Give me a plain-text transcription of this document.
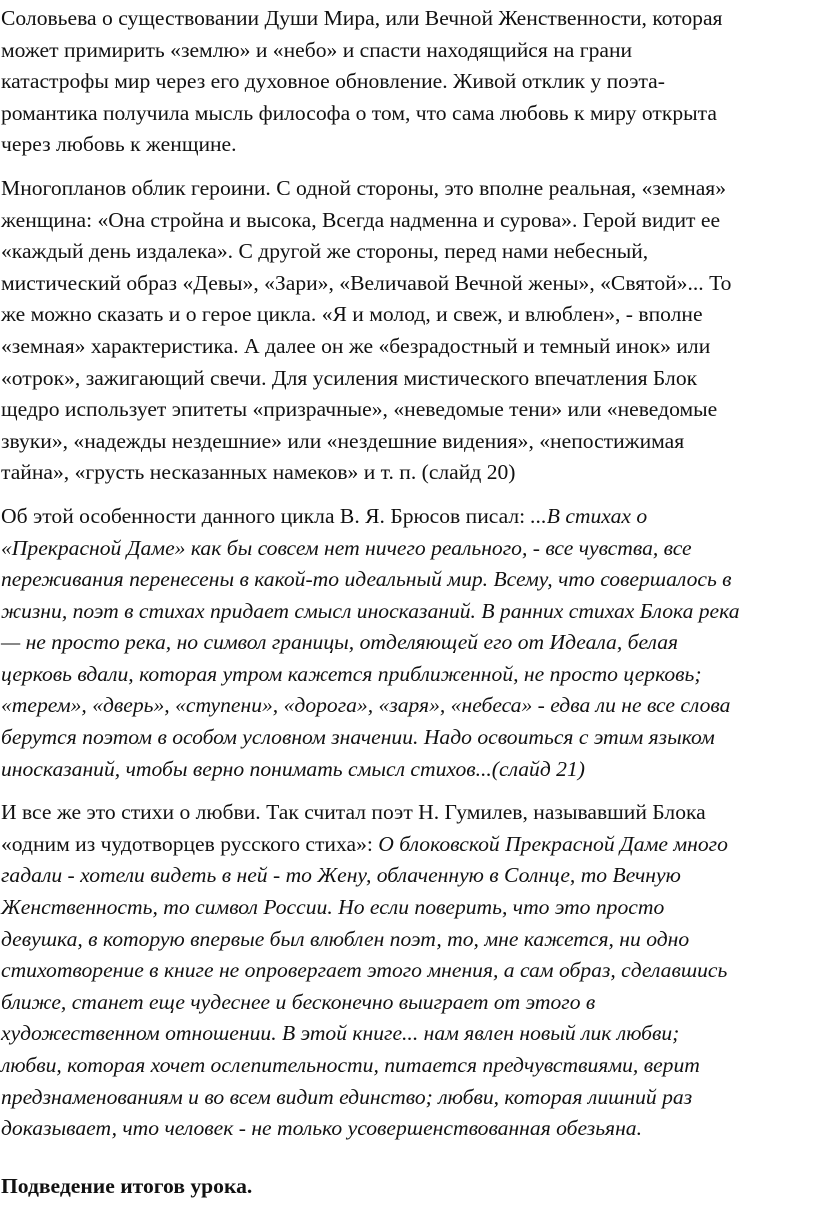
Соловьева о существовании Души Мира, или Вечной Женственности, которая
может примирить «землю» и «небо» и спасти находящийся на грани
катастрофы мир через его духовное обновление. Живой отклик у поэта-
романтика получила мысль философа о том, что сама любовь к миру открыта
через любовь к женщине.
Многопланов облик героини. С одной стороны, это вполне реальная, «земная»
женщина: «Она стройна и высока, Всегда надменна и сурова». Герой видит ее
«каждый день издалека». С другой же стороны, перед нами небесный,
мистический образ «Девы», «Зари», «Величавой Вечной жены», «Святой»... То
же можно сказать и о герое цикла. «Я и молод, и свеж, и влюблен», - вполне
«земная» характеристика. А далее он же «безрадостный и темный инок» или
«отрок», зажигающий свечи. Для усиления мистического впечатления Блок
щедро использует эпитеты «призрачные», «неведомые тени» или «неведомые
звуки», «надежды нездешние» или «нездешние видения», «непостижимая
тайна», «грусть несказанных намеков» и т. п. (слайд 20)
Об этой особенности данного цикла В. Я. Брюсов писал: ...В стихах о
«Прекрасной Даме» как бы совсем нет ничего реального, - все чувства, все
переживания перенесены в какой-то идеальный мир. Всему, что совершалось в
жизни, поэт в стихах придает смысл иносказаний. В ранних стихах Блока река
— не просто река, но символ границы, отделяющей его от Идеала, белая
церковь вдали, которая утром кажется приближенной, не просто церковь;
«терем», «дверь», «ступени», «дорога», «заря», «небеса» - едва ли не все слова
берутся поэтом в особом условном значении. Надо освоиться с этим языком
иносказаний, чтобы верно понимать смысл стихов...(слайд 21)
И все же это стихи о любви. Так считал поэт Н. Гумилев, называвший Блока
«одним из чудотворцев русского стиха»: О блоковской Прекрасной Даме много
гадали - хотели видеть в ней - то Жену, облаченную в Солнце, то Вечную
Женственность, то символ России. Но если поверить, что это просто
девушка, в которую впервые был влюблен поэт, то, мне кажется, ни одно
стихотворение в книге не опровергает этого мнения, а сам образ, сделавшись
ближе, станет еще чудеснее и бесконечно выиграет от этого в
художественном отношении. В этой книге... нам явлен новый лик любви;
любви, которая хочет ослепительности, питается предчувствиями, верит
предзнаменованиям и во всем видит единство; любви, которая лишний раз
доказывает, что человек - не только усовершенствованная обезьяна.
Подведение итогов урока.
